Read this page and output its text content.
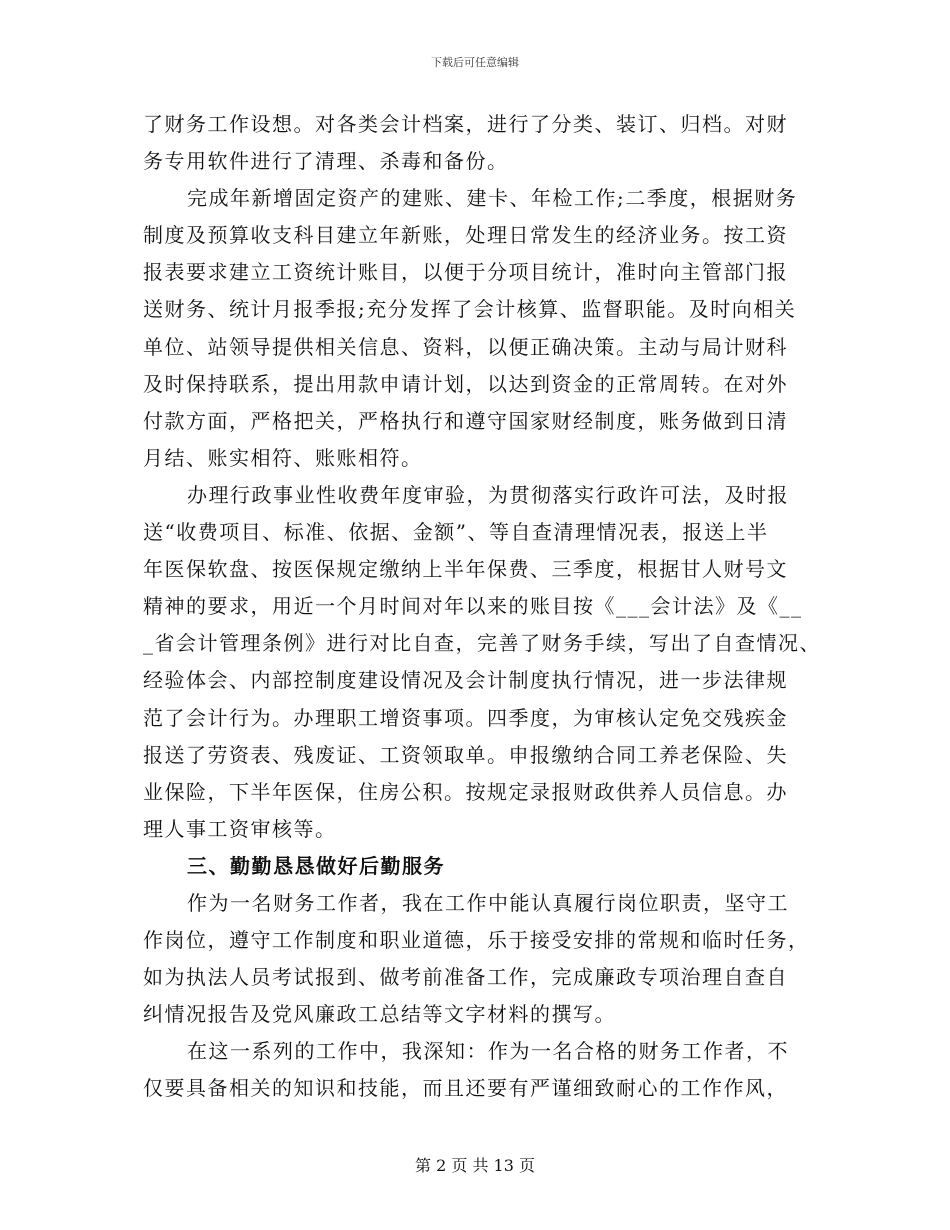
下载后可任意编辑
了财务工作设想。对各类会计档案，进行了分类、装订、归档。对财
务专用软件进行了清理、杀毒和备份。
完成年新增固定资产的建账、建卡、年检工作;二季度，根据财务
制度及预算收支科目建立年新账，处理日常发生的经济业务。按工资
报表要求建立工资统计账目，以便于分项目统计，准时向主管部门报
送财务、统计月报季报;充分发挥了会计核算、监督职能。及时向相关
单位、站领导提供相关信息、资料，以便正确决策。主动与局计财科
及时保持联系，提出用款申请计划，以达到资金的正常周转。在对外
付款方面，严格把关，严格执行和遵守国家财经制度，账务做到日清
月结、账实相符、账账相符。
办理行政事业性收费年度审验，为贯彻落实行政许可法，及时报
送“收费项目、标准、依据、金额”、等自查清理情况表，报送上半
年医保软盘、按医保规定缴纳上半年保费、三季度，根据甘人财号文
精神的要求，用近一个月时间对年以来的账目按《___会计法》及《__
_省会计管理条例》进行对比自查，完善了财务手续，写出了自查情况、
经验体会、内部控制度建设情况及会计制度执行情况，进一步法律规
范了会计行为。办理职工增资事项。四季度，为审核认定免交残疾金
报送了劳资表、残废证、工资领取单。申报缴纳合同工养老保险、失
业保险，下半年医保，住房公积。按规定录报财政供养人员信息。办
理人事工资审核等。
三、勤勤恳恳做好后勤服务
作为一名财务工作者，我在工作中能认真履行岗位职责，坚守工
作岗位，遵守工作制度和职业道德，乐于接受安排的常规和临时任务，
如为执法人员考试报到、做考前准备工作，完成廉政专项治理自查自
纠情况报告及党风廉政工总结等文字材料的撰写。
在这一系列的工作中，我深知：作为一名合格的财务工作者，不
仅要具备相关的知识和技能，而且还要有严谨细致耐心的工作作风，
第 2 页 共 13 页
